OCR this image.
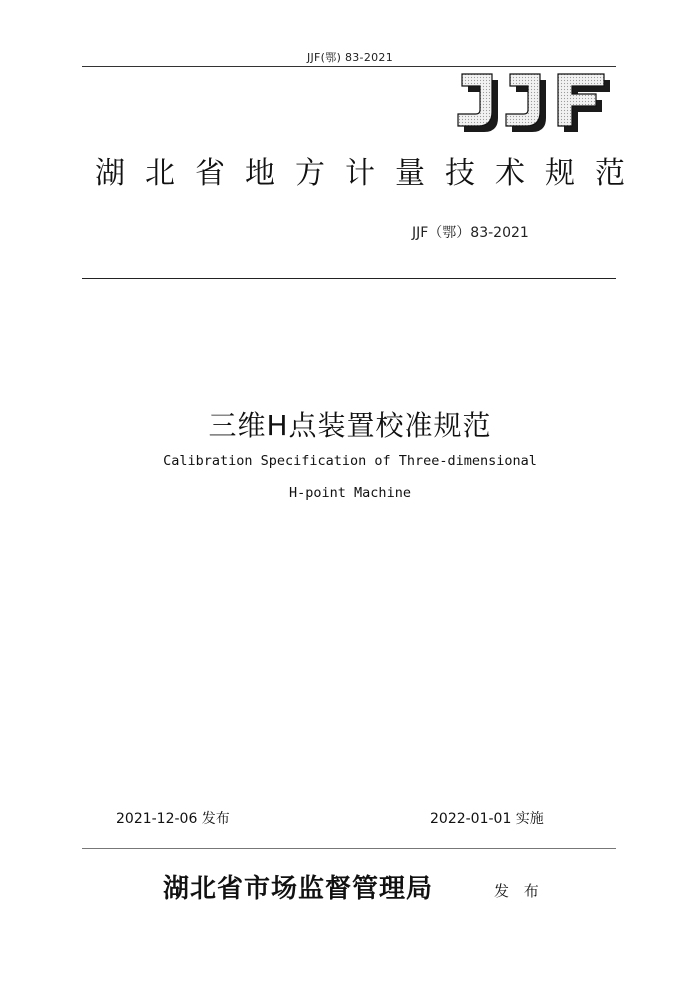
JJF(鄂) 83-2021
湖北省地方计量技术规范
JJF（鄂）83-2021
三维H点装置校准规范
Calibration Specification of Three-dimensional
H-point Machine
2021-12-06 发布	2022-01-01 实施
湖北省市场监督管理局	发 布
